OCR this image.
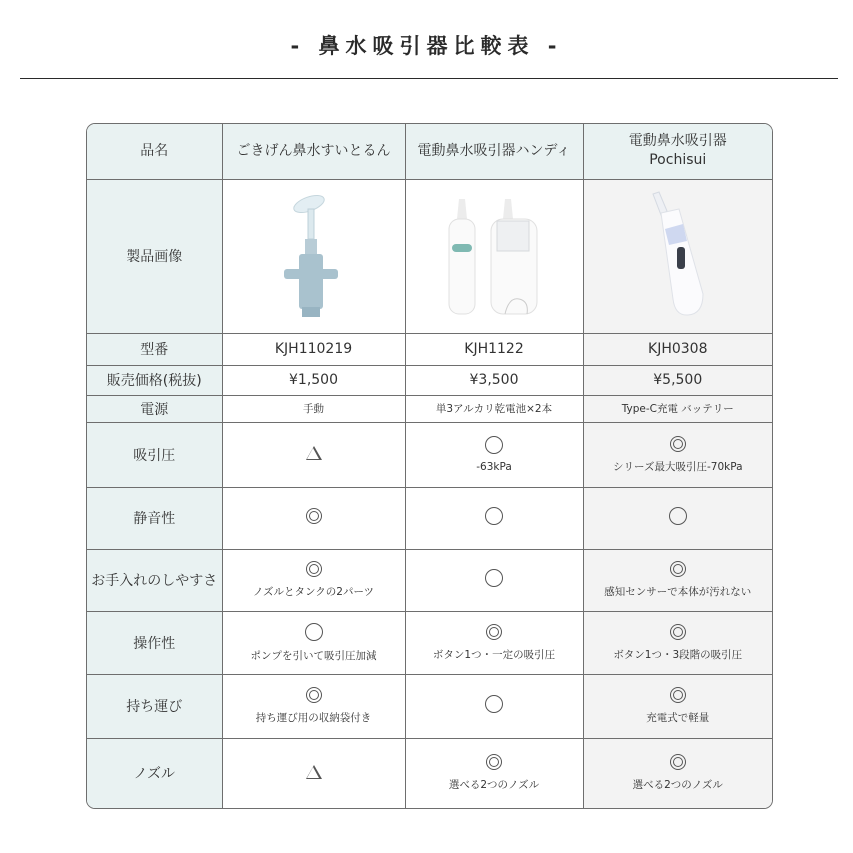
- 鼻水吸引器比較表 -
品名	ごきげん鼻水すいとるん	電動鼻水吸引器ハンディ	電動鼻水吸引器
Pochisui

製品画像			
型番	KJH110219	KJH1122	KJH0308
販売価格(税抜)	¥1,500	¥3,500	¥5,500
電源	手動	単3アルカリ乾電池×2本	Type-C充電 バッテリー
吸引圧		-63kPa	シリーズ最大吸引圧-70kPa

静音性			
お手入れのしやすさ	ノズルとタンクの2パーツ		感知センサーで本体が汚れない

操作性	ポンプを引いて吸引圧加減	ボタン1つ・一定の吸引圧	ボタン1つ・3段階の吸引圧

持ち運び	持ち運び用の収納袋付き		充電式で軽量

ノズル		選べる2つのノズル	選べる2つのノズル
